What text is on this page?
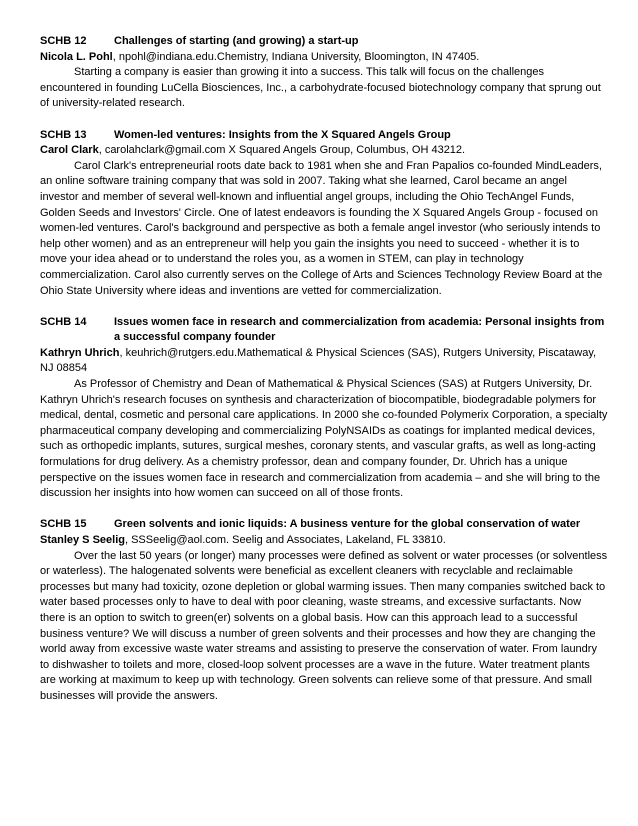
SCHB 12	Challenges of starting (and growing) a start-up

Nicola L. Pohl, npohl@indiana.edu.Chemistry, Indiana University, Bloomington, IN 47405.

Starting a company is easier than growing it into a success. This talk will focus on the challenges encountered in founding LuCella Biosciences, Inc., a carbohydrate-focused biotechnology company that sprung out of university-related research.

SCHB 13	Women-led ventures: Insights from the X Squared Angels Group

Carol Clark, carolahclark@gmail.com X Squared Angels Group, Columbus, OH 43212.

Carol Clark's entrepreneurial roots date back to 1981 when she and Fran Papalios co-founded MindLeaders, an online software training company that was sold in 2007. Taking what she learned, Carol became an angel investor and member of several well-known and influential angel groups, including the Ohio TechAngel Funds, Golden Seeds and Investors' Circle. One of latest endeavors is founding the X Squared Angels Group - focused on women-led ventures. Carol's background and perspective as both a female angel investor (who seriously intends to help other women) and as an entrepreneur will help you gain the insights you need to succeed - whether it is to move your idea ahead or to understand the roles you, as a women in STEM, can play in technology commercialization. Carol also currently serves on the College of Arts and Sciences Technology Review Board at the Ohio State University where ideas and inventions are vetted for commercialization.

SCHB 14	Issues women face in research and commercialization from academia: Personal insights from a successful company founder

Kathryn Uhrich, keuhrich@rutgers.edu.Mathematical & Physical Sciences (SAS), Rutgers University, Piscataway, NJ 08854

As Professor of Chemistry and Dean of Mathematical & Physical Sciences (SAS) at Rutgers University, Dr. Kathryn Uhrich's research focuses on synthesis and characterization of biocompatible, biodegradable polymers for medical, dental, cosmetic and personal care applications. In 2000 she co-founded Polymerix Corporation, a specialty pharmaceutical company developing and commercializing PolyNSAIDs as coatings for implanted medical devices, such as orthopedic implants, sutures, surgical meshes, coronary stents, and vascular grafts, as well as long-acting formulations for drug delivery. As a chemistry professor, dean and company founder, Dr. Uhrich has a unique perspective on the issues women face in research and commercialization from academia – and she will bring to the discussion her insights into how women can succeed on all of those fronts.

SCHB 15	Green solvents and ionic liquids: A business venture for the global conservation of water

Stanley S Seelig, SSSeelig@aol.com. Seelig and Associates, Lakeland, FL 33810.

Over the last 50 years (or longer) many processes were defined as solvent or water processes (or solventless or waterless). The halogenated solvents were beneficial as excellent cleaners with recyclable and reclaimable processes but many had toxicity, ozone depletion or global warming issues. Then many companies switched back to water based processes only to have to deal with poor cleaning, waste streams, and excessive surfactants. Now there is an option to switch to green(er) solvents on a global basis. How can this approach lead to a successful business venture? We will discuss a number of green solvents and their processes and how they are changing the world away from excessive waste water streams and assisting to preserve the conservation of water. From laundry to dishwasher to toilets and more, closed-loop solvent processes are a wave in the future. Water treatment plants are working at maximum to keep up with technology. Green solvents can relieve some of that pressure. And small businesses will provide the answers.
